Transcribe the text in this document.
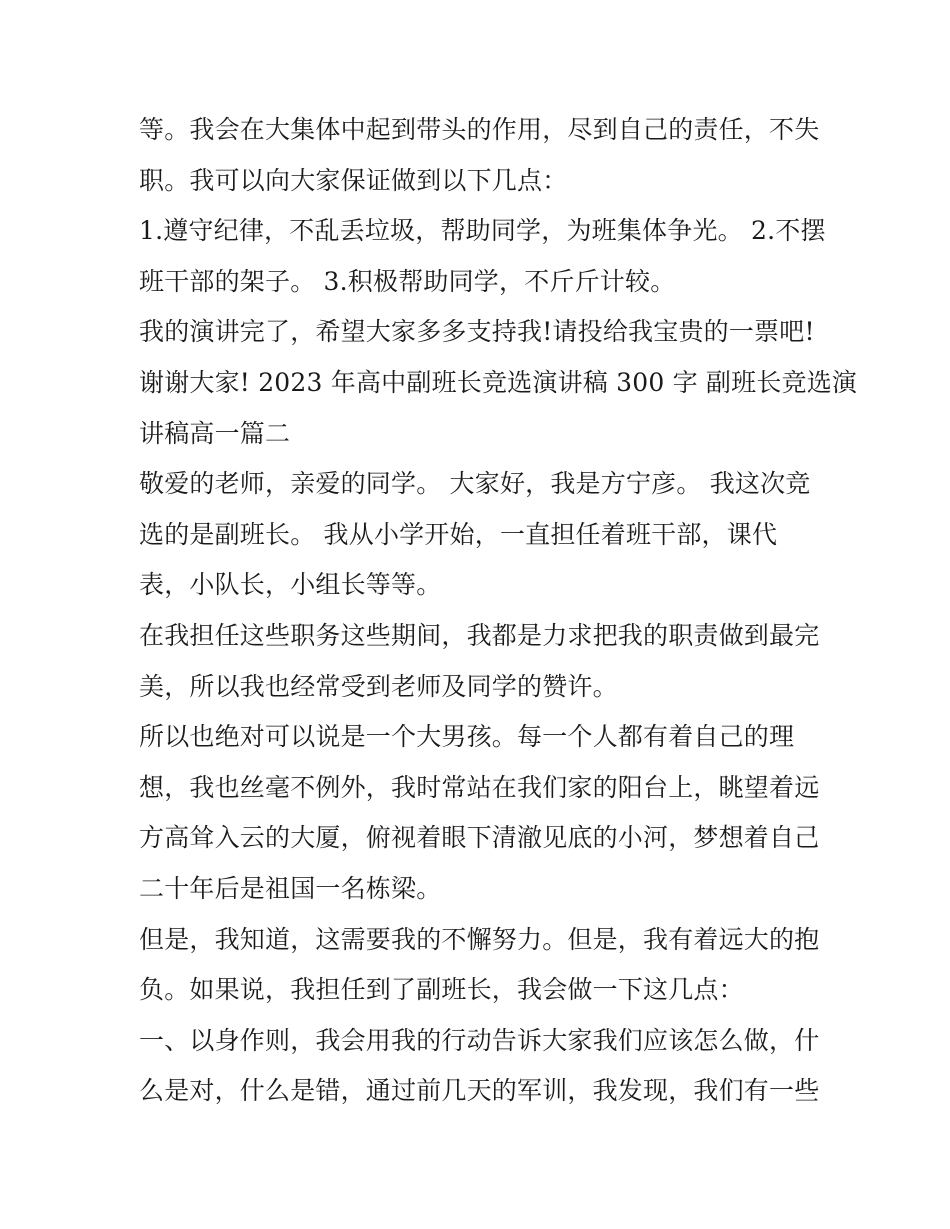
等。我会在大集体中起到带头的作用，尽到自己的责任，不失

职。我可以向大家保证做到以下几点：

1.遵守纪律，不乱丢垃圾，帮助同学，为班集体争光。 2.不摆

班干部的架子。 3.积极帮助同学，不斤斤计较。

我的演讲完了，希望大家多多支持我!请投给我宝贵的一票吧!

谢谢大家! 2023 年高中副班长竞选演讲稿 300 字 副班长竞选演

讲稿高一篇二

敬爱的老师，亲爱的同学。 大家好，我是方宁彦。 我这次竞

选的是副班长。 我从小学开始，一直担任着班干部，课代

表，小队长，小组长等等。

在我担任这些职务这些期间，我都是力求把我的职责做到最完

美，所以我也经常受到老师及同学的赞许。

所以也绝对可以说是一个大男孩。每一个人都有着自己的理

想，我也丝毫不例外，我时常站在我们家的阳台上，眺望着远

方高耸入云的大厦，俯视着眼下清澈见底的小河，梦想着自己

二十年后是祖国一名栋梁。

但是，我知道，这需要我的不懈努力。但是，我有着远大的抱

负。如果说，我担任到了副班长，我会做一下这几点：

一、以身作则，我会用我的行动告诉大家我们应该怎么做，什

么是对，什么是错，通过前几天的军训，我发现，我们有一些
